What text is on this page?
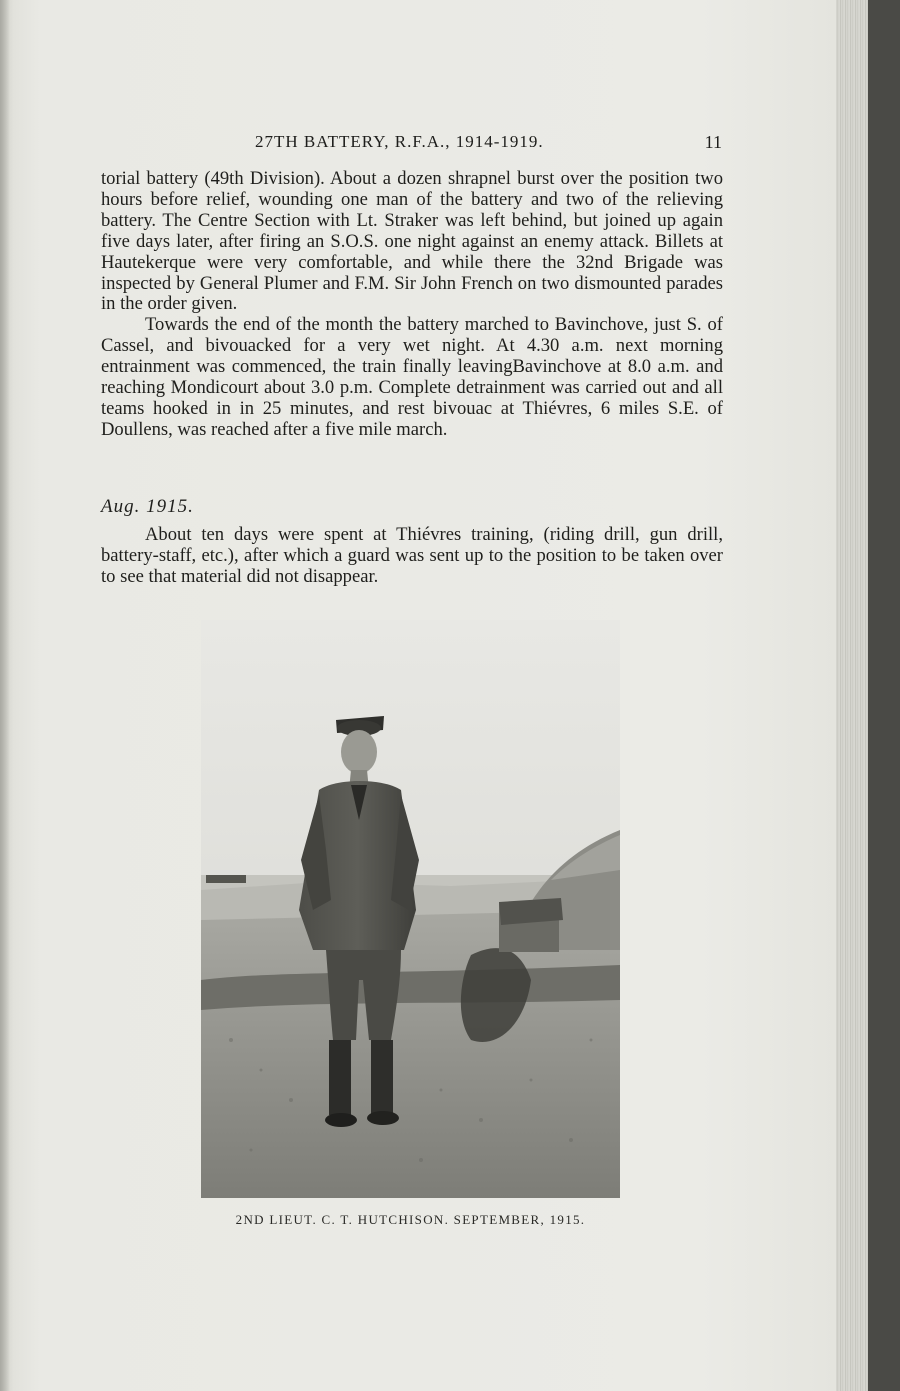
27TH BATTERY, R.F.A., 1914-1919.	11

torial battery (49th Division). About a dozen shrapnel burst over the position two hours before relief, wounding one man of the battery and two of the relieving battery. The Centre Section with Lt. Straker was left behind, but joined up again five days later, after firing an S.O.S. one night against an enemy attack. Billets at Hautekerque were very comfortable, and while there the 32nd Brigade was inspected by General Plumer and F.M. Sir John French on two dismounted parades in the order given.

Towards the end of the month the battery marched to Bavinchove, just S. of Cassel, and bivouacked for a very wet night. At 4.30 a.m. next morning entrainment was commenced, the train finally leavingBavinchove at 8.0 a.m. and reaching Mondicourt about 3.0 p.m. Complete detrainment was carried out and all teams hooked in in 25 minutes, and rest bivouac at Thiévres, 6 miles S.E. of Doullens, was reached after a five mile march.

Aug. 1915.

About ten days were spent at Thiévres training, (riding drill, gun drill, battery-staff, etc.), after which a guard was sent up to the position to be taken over to see that material did not disappear.

2ND LIEUT. C. T. HUTCHISON. SEPTEMBER, 1915.
